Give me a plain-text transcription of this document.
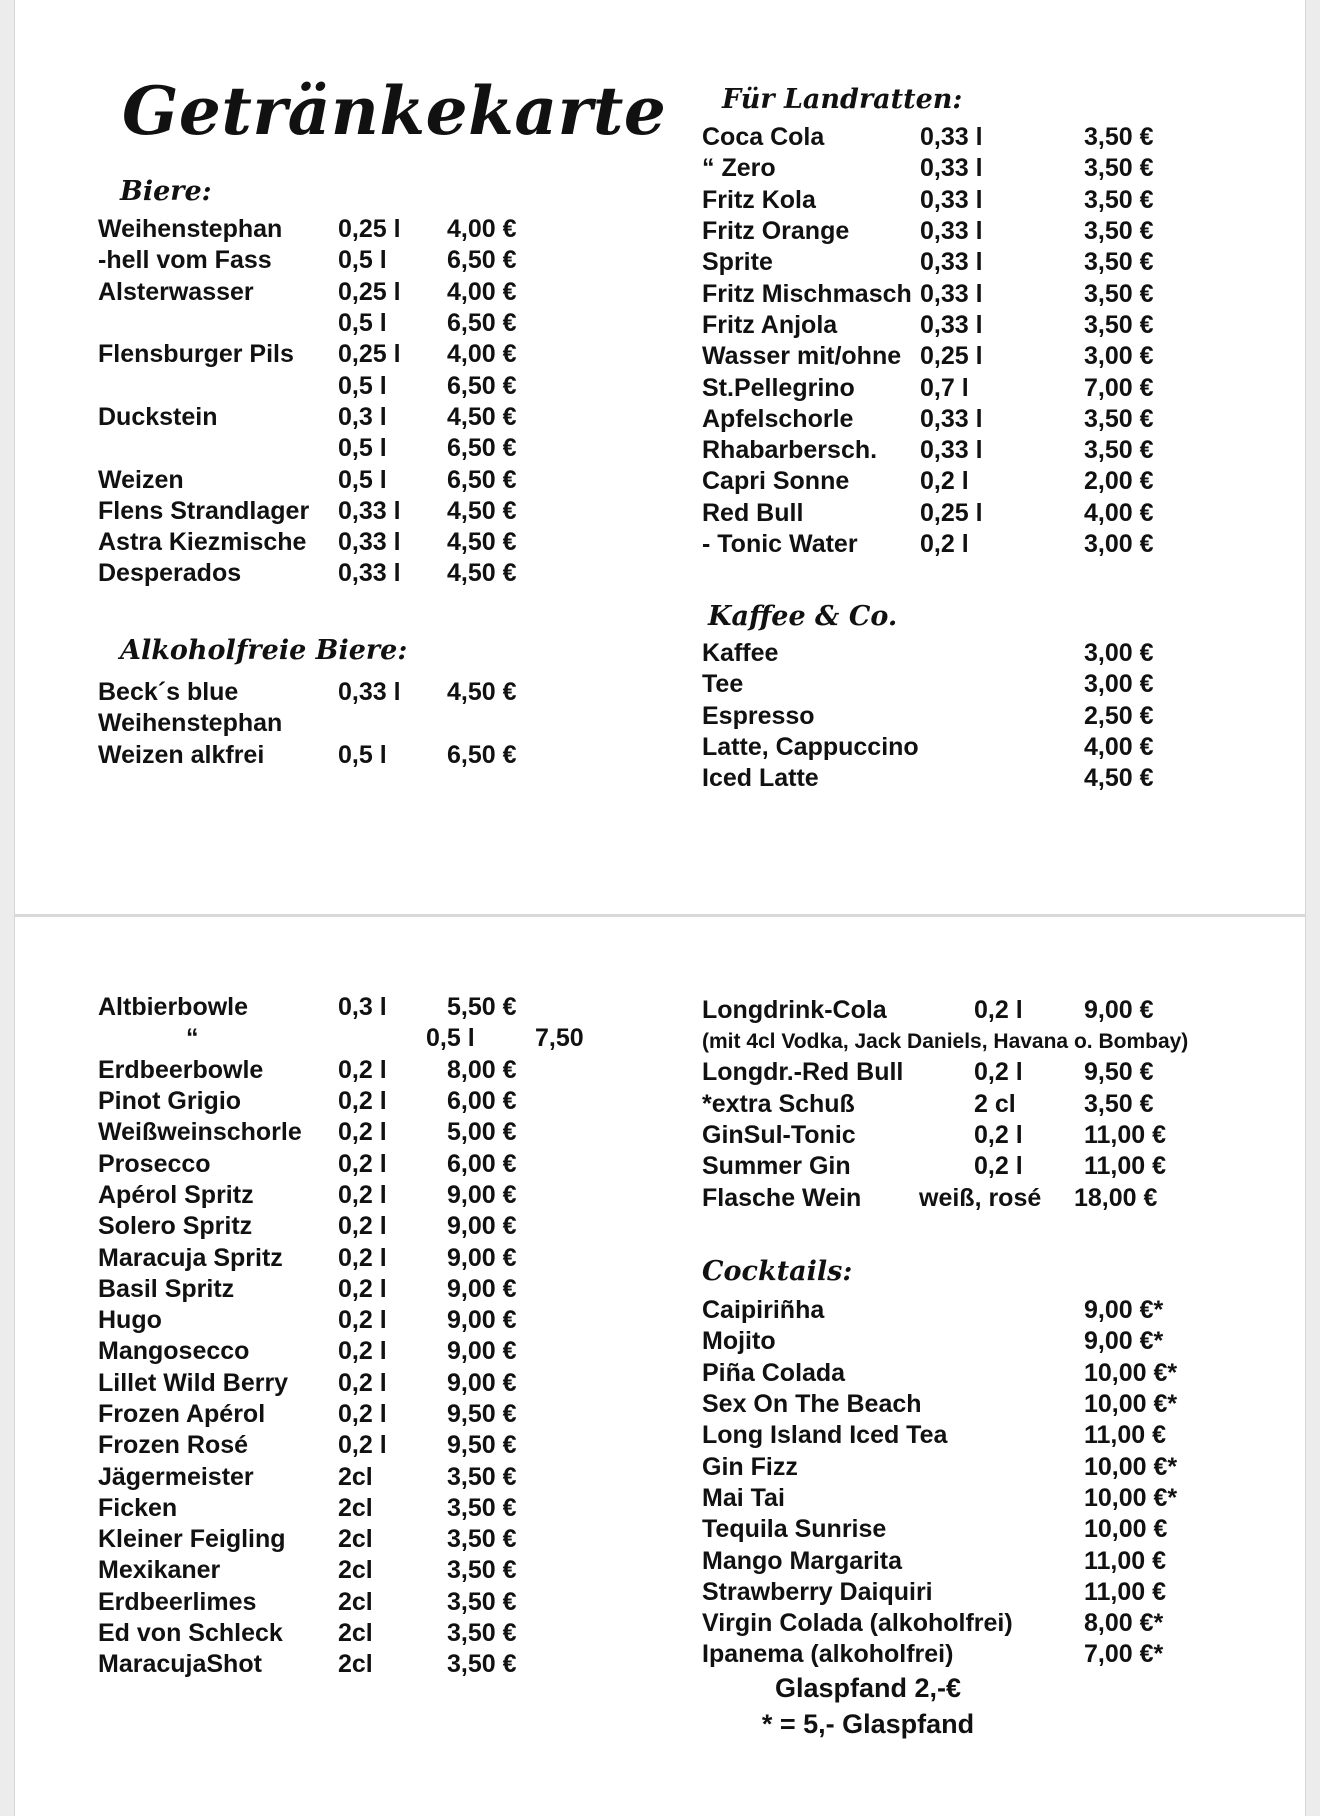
Getränkekarte
Biere:
Weihenstephan	0,25 l	4,00 €
-hell vom Fass	0,5 l	6,50 €
Alsterwasser	0,25 l	4,00 €
0,5 l	6,50 €
Flensburger Pils	0,25 l	4,00 €
0,5 l	6,50 €
Duckstein	0,3 l	4,50 €
0,5 l	6,50 €
Weizen	0,5 l	6,50 €
Flens Strandlager	0,33 l	4,50 €
Astra Kiezmische	0,33 l	4,50 €
Desperados	0,33 l	4,50 €
Alkoholfreie Biere:
Beck´s blue	0,33 l	4,50 €
Weihenstephan
Weizen alkfrei	0,5 l	6,50 €
Für Landratten:
Coca Cola	0,33 l	3,50 €
“ Zero	0,33 l	3,50 €
Fritz Kola	0,33 l	3,50 €
Fritz Orange	0,33 l	3,50 €
Sprite	0,33 l	3,50 €
Fritz Mischmasch 0,33 l	3,50 €
Fritz Anjola	0,33 l	3,50 €
Wasser mit/ohne 0,25 l	3,00 €
St.Pellegrino	0,7 l	7,00 €
Apfelschorle	0,33 l	3,50 €
Rhabarbersch.	0,33 l	3,50 €
Capri Sonne	0,2 l	2,00 €
Red Bull	0,25 l	4,00 €
- Tonic Water	0,2 l	3,00 €
Kaffee & Co.
Kaffee	3,00 €
Tee	3,00 €
Espresso	2,50 €
Latte, Cappuccino	4,00 €
Iced Latte	4,50 €
Altbierbowle	0,3 l	5,50 €
“	0,5 l	7,50
Erdbeerbowle	0,2 l	8,00 €
Pinot Grigio	0,2 l	6,00 €
Weißweinschorle	0,2 l	5,00 €
Prosecco	0,2 l	6,00 €
Apérol Spritz	0,2 l	9,00 €
Solero Spritz	0,2 l	9,00 €
Maracuja Spritz	0,2 l	9,00 €
Basil Spritz	0,2 l	9,00 €
Hugo	0,2 l	9,00 €
Mangosecco	0,2 l	9,00 €
Lillet Wild Berry	0,2 l	9,00 €
Frozen Apérol	0,2 l	9,50 €
Frozen Rosé	0,2 l	9,50 €
Jägermeister	2cl	3,50 €
Ficken	2cl	3,50 €
Kleiner Feigling	2cl	3,50 €
Mexikaner	2cl	3,50 €
Erdbeerlimes	2cl	3,50 €
Ed von Schleck	2cl	3,50 €
MaracujaShot	2cl	3,50 €
Longdrink-Cola	0,2 l	9,00 €
(mit 4cl Vodka, Jack Daniels, Havana o. Bombay)
Longdr.-Red Bull	0,2 l	9,50 €
*extra Schuß	2 cl	3,50 €
GinSul-Tonic	0,2 l	11,00 €
Summer Gin	0,2 l	11,00 €
Flasche Wein	weiß, rosé	18,00 €
Cocktails:
Caipiriñha	9,00 €*
Mojito	9,00 €*
Piña Colada	10,00 €*
Sex On The Beach	10,00 €*
Long Island Iced Tea	11,00 €
Gin Fizz	10,00 €*
Mai Tai	10,00 €*
Tequila Sunrise	10,00 €
Mango Margarita	11,00 €
Strawberry Daiquiri	11,00 €
Virgin Colada (alkoholfrei)	8,00 €*
Ipanema (alkoholfrei)	7,00 €*
Glaspfand 2,-€
* = 5,- Glaspfand
